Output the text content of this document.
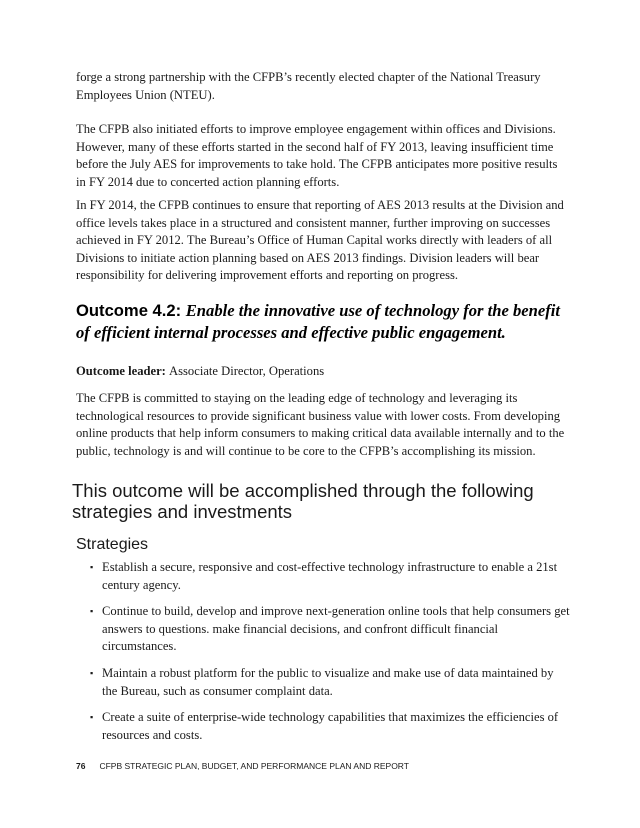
forge a strong partnership with the CFPB’s recently elected chapter of the National Treasury Employees Union (NTEU).

The CFPB also initiated efforts to improve employee engagement within offices and Divisions. However, many of these efforts started in the second half of FY 2013, leaving insufficient time before the July AES for improvements to take hold. The CFPB anticipates more positive results in FY 2014 due to concerted action planning efforts.

In FY 2014, the CFPB continues to ensure that reporting of AES 2013 results at the Division and office levels takes place in a structured and consistent manner, further improving on successes achieved in FY 2012. The Bureau’s Office of Human Capital works directly with leaders of all Divisions to initiate action planning based on AES 2013 findings. Division leaders will bear responsibility for delivering improvement efforts and reporting on progress.

Outcome 4.2: Enable the innovative use of technology for the benefit of efficient internal processes and effective public engagement.

Outcome leader: Associate Director, Operations

The CFPB is committed to staying on the leading edge of technology and leveraging its technological resources to provide significant business value with lower costs. From developing online products that help inform consumers to making critical data available internally and to the public, technology is and will continue to be core to the CFPB’s accomplishing its mission.

This outcome will be accomplished through the following strategies and investments
Strategies
▪ Establish a secure, responsive and cost-effective technology infrastructure to enable a 21st century agency.
▪ Continue to build, develop and improve next-generation online tools that help consumers get answers to questions. make financial decisions, and confront difficult financial circumstances.
▪ Maintain a robust platform for the public to visualize and make use of data maintained by the Bureau, such as consumer complaint data.
▪ Create a suite of enterprise-wide technology capabilities that maximizes the efficiencies of resources and costs.
76 CFPB STRATEGIC PLAN, BUDGET, AND PERFORMANCE PLAN AND REPORT
